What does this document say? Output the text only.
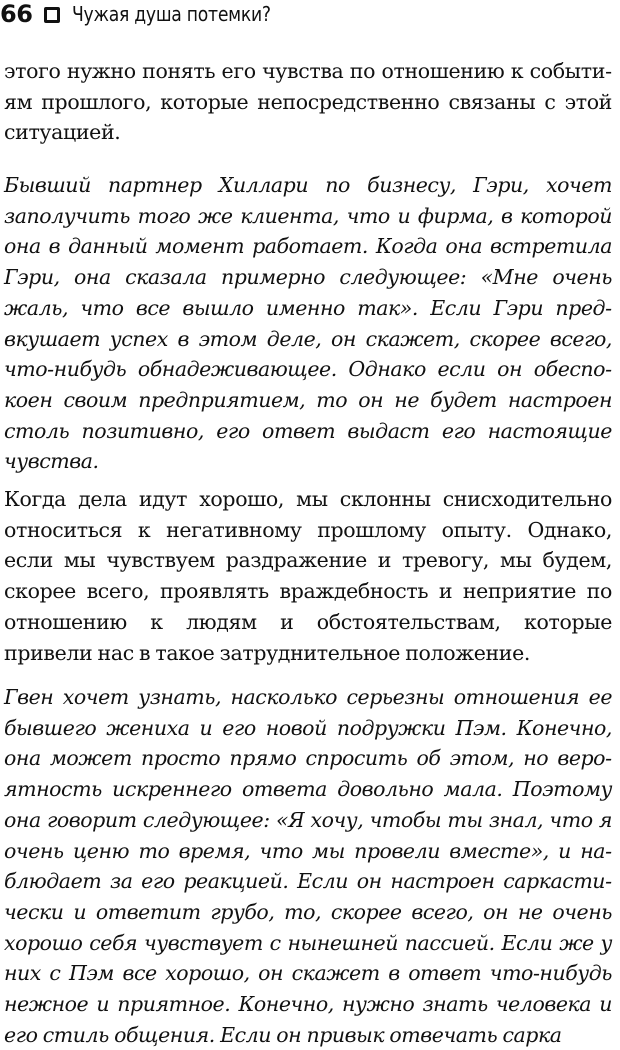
66 Чужая душа потемки?

этого нужно понять его чувства по отношению к событиям прошлого, которые непосредственно связаны с этой ситуацией.

Бывший партнер Хиллари по бизнесу, Гэри, хочет заполучить того же клиента, что и фирма, в которой она в данный момент работает. Когда она встретила Гэри, она сказала примерно следующее: «Мне очень жаль, что все вышло именно так». Если Гэри предвкушает успех в этом деле, он скажет, скорее всего, что-нибудь обнадеживающее. Однако если он обеспокоен своим предприятием, то он не будет настроен столь позитивно, его ответ выдаст его настоящие чувства.

Когда дела идут хорошо, мы склонны снисходительно относиться к негативному прошлому опыту. Однако, если мы чувствуем раздражение и тревогу, мы будем, скорее всего, проявлять враждебность и неприятие по отношению к людям и обстоятельствам, которые привели нас в такое затруднительное положение.

Гвен хочет узнать, насколько серьезны отношения ее бывшего жениха и его новой подружки Пэм. Конечно, она может просто прямо спросить об этом, но вероятность искреннего ответа довольно мала. Поэтому она говорит следующее: «Я хочу, чтобы ты знал, что я очень ценю то время, что мы провели вместе», и наблюдает за его реакцией. Если он настроен саркастически и ответит грубо, то, скорее всего, он не очень хорошо себя чувствует с нынешней пассией. Если же у них с Пэм все хорошо, он скажет в ответ что-нибудь нежное и приятное. Конечно, нужно знать человека и его стиль общения. Если он привык отвечать сарка
